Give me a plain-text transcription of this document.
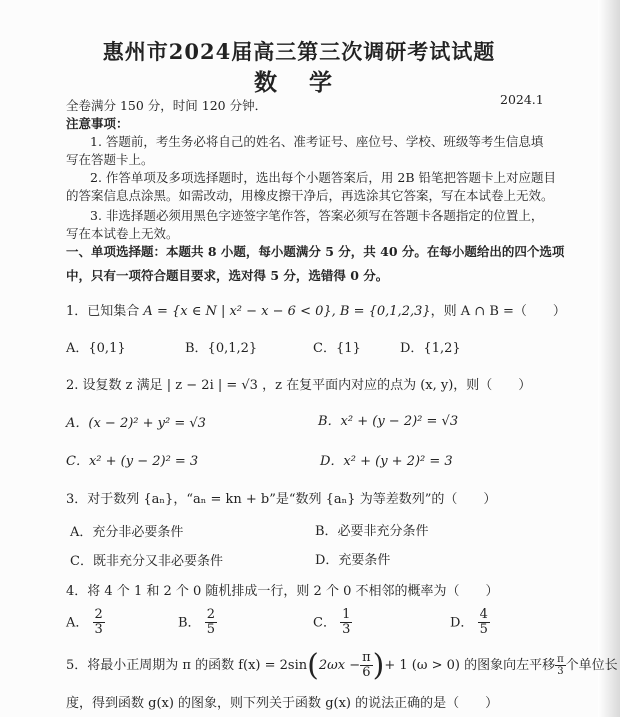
惠州市2024届高三第三次调研考试试题
数 学
全卷满分 150 分，时间 120 分钟．	2024.1
注意事项：
1. 答题前，考生务必将自己的姓名、准考证号、座位号、学校、班级等考生信息填
写在答题卡上。
2. 作答单项及多项选择题时，选出每个小题答案后，用 2B 铅笔把答题卡上对应题目
的答案信息点涂黑。如需改动，用橡皮擦干净后，再选涂其它答案，写在本试卷上无效。
3. 非选择题必须用黑色字迹签字笔作答，答案必须写在答题卡各题指定的位置上，
写在本试卷上无效。
一、单项选择题：本题共 8 小题，每小题满分 5 分，共 40 分。在每小题给出的四个选项
中，只有一项符合题目要求，选对得 5 分，选错得 0 分。
1．已知集合 A = {x ∈ N | x² − x − 6 < 0}, B = {0,1,2,3}，则 A ∩ B =（　　）
A．{0,1}	B．{0,1,2}	C．{1}	D．{1,2}
2. 设复数 z 满足 | z − 2i | = √3 ，z 在复平面内对应的点为 (x, y)，则（　　）
A．(x − 2)² + y² = √3	B．x² + (y − 2)² = √3
C．x² + (y − 2)² = 3	D．x² + (y + 2)² = 3
3．对于数列 {aₙ}，“aₙ = kn + b”是“数列 {aₙ} 为等差数列”的（　　）
A．充分非必要条件	B．必要非充分条件
C．既非充分又非必要条件	D．充要条件
4．将 4 个 1 和 2 个 0 随机排成一行，则 2 个 0 不相邻的概率为（　　）
A． $\frac{2}{3}$	B． $\frac{2}{5}$	C． $\frac{1}{3}$	D． $\frac{4}{5}$
5．将最小正周期为 π 的函数 $f(x) = 2\sin(2\omega x - \frac{\pi}{6}$ )+ 1 (ω > 0) 的图象向左平移 $\frac{\pi}{3}$ 个单位长
度，得到函数 g(x) 的图象，则下列关于函数 g(x) 的说法正确的是（　　）
